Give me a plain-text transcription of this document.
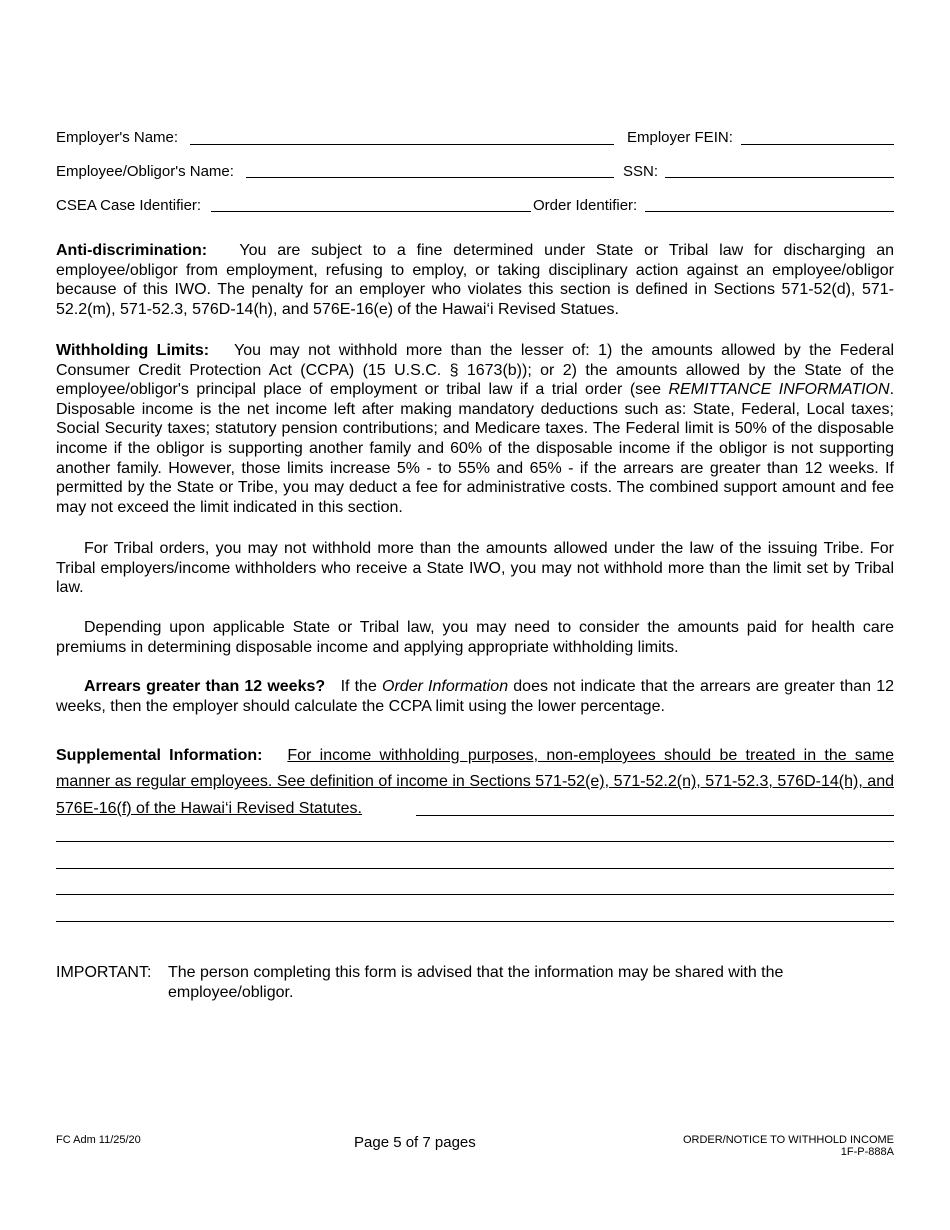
Employer's Name:	Employer FEIN:
Employee/Obligor's Name:	SSN:
CSEA Case Identifier:	Order Identifier:

Anti-discrimination: You are subject to a fine determined under State or Tribal law for discharging an employee/obligor from employment, refusing to employ, or taking disciplinary action against an employee/obligor because of this IWO. The penalty for an employer who violates this section is defined in Sections 571-52(d), 571-52.2(m), 571-52.3, 576D-14(h), and 576E-16(e) of the Hawai‘i Revised Statues.

Withholding Limits: You may not withhold more than the lesser of: 1) the amounts allowed by the Federal Consumer Credit Protection Act (CCPA) (15 U.S.C. § 1673(b)); or 2) the amounts allowed by the State of the employee/obligor's principal place of employment or tribal law if a trial order (see REMITTANCE INFORMATION. Disposable income is the net income left after making mandatory deductions such as: State, Federal, Local taxes; Social Security taxes; statutory pension contributions; and Medicare taxes. The Federal limit is 50% of the disposable income if the obligor is supporting another family and 60% of the disposable income if the obligor is not supporting another family. However, those limits increase 5% - to 55% and 65% - if the arrears are greater than 12 weeks. If permitted by the State or Tribe, you may deduct a fee for administrative costs. The combined support amount and fee may not exceed the limit indicated in this section.

For Tribal orders, you may not withhold more than the amounts allowed under the law of the issuing Tribe. For Tribal employers/income withholders who receive a State IWO, you may not withhold more than the limit set by Tribal law.

Depending upon applicable State or Tribal law, you may need to consider the amounts paid for health care premiums in determining disposable income and applying appropriate withholding limits.

Arrears greater than 12 weeks? If the Order Information does not indicate that the arrears are greater than 12 weeks, then the employer should calculate the CCPA limit using the lower percentage.

Supplemental Information: For income withholding purposes, non-employees should be treated in the same manner as regular employees. See definition of income in Sections 571-52(e), 571-52.2(n), 571-52.3, 576D-14(h), and 576E-16(f) of the Hawai‘i Revised Statutes.
IMPORTANT: The person completing this form is advised that the information may be shared with the employee/obligor.
FC Adm 11/25/20	Page 5 of 7 pages	ORDER/NOTICE TO WITHHOLD INCOME
1F-P-888A
